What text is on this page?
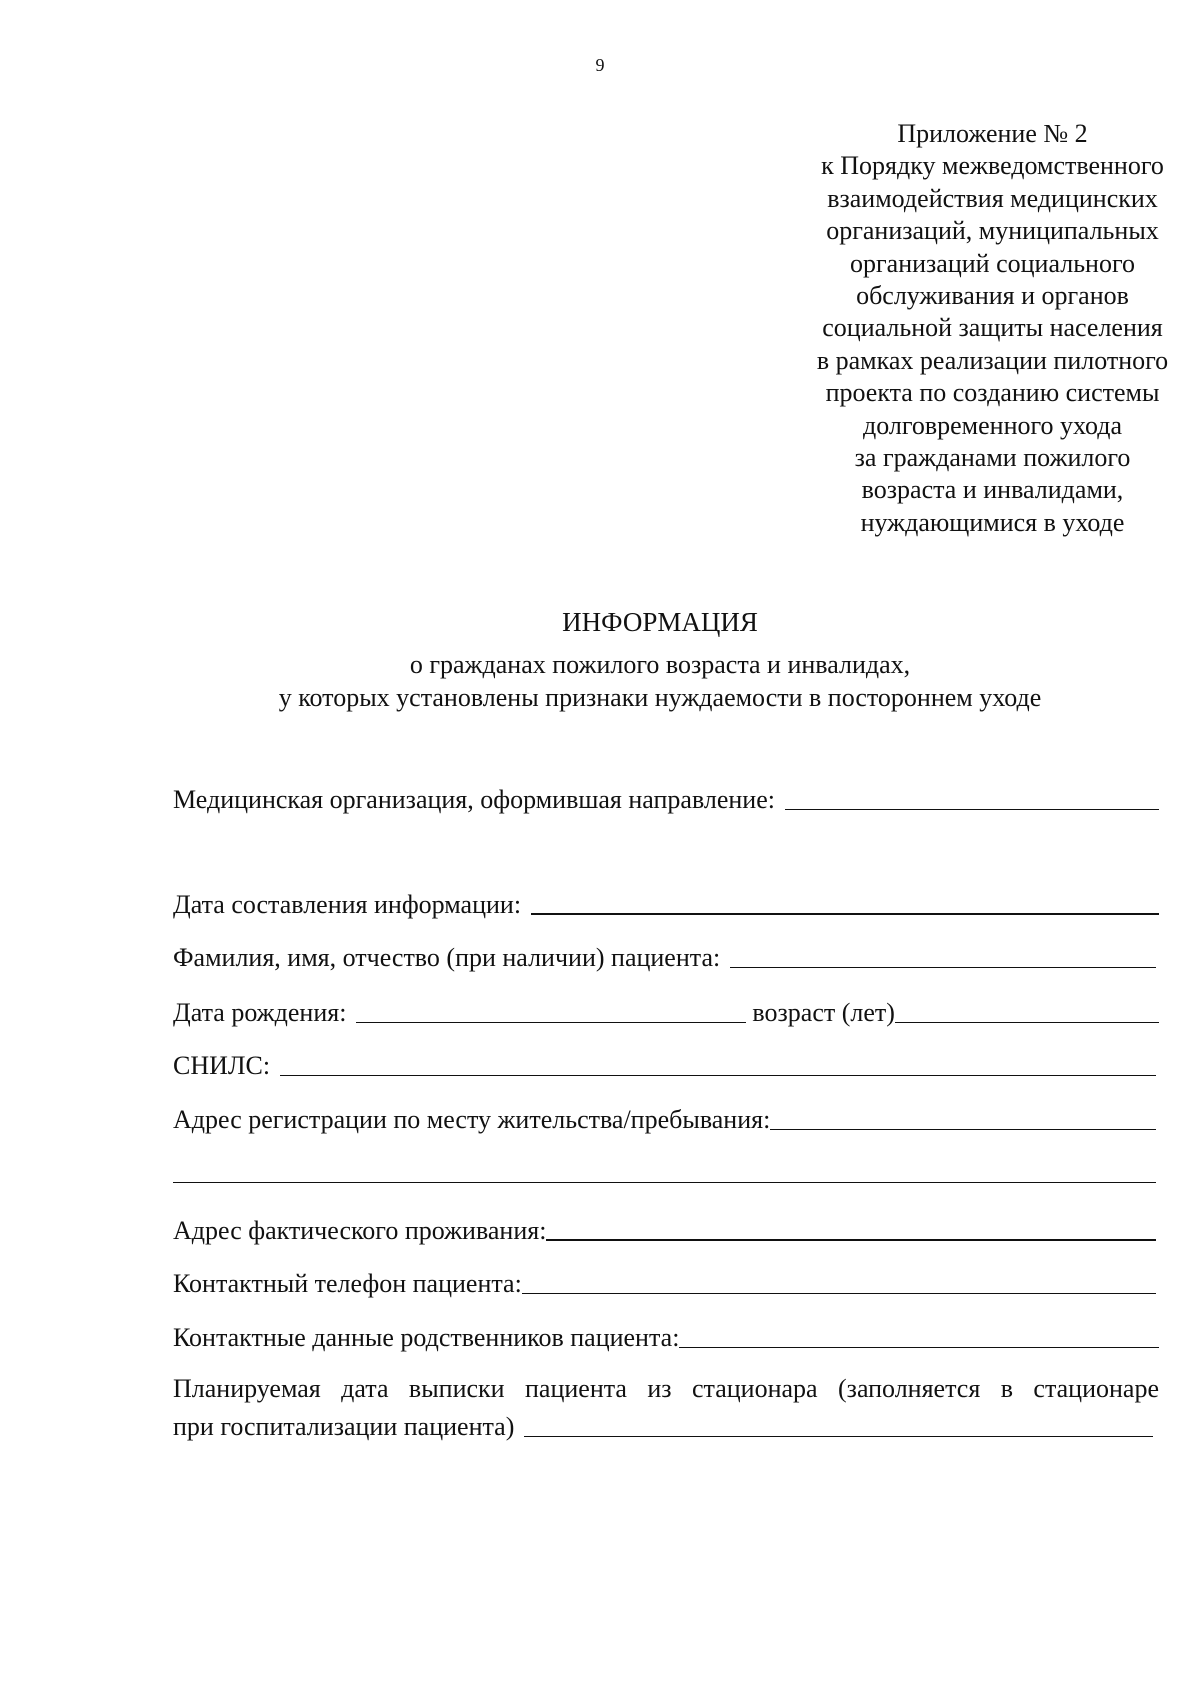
9
Приложение № 2
к Порядку межведомственного
взаимодействия медицинских
организаций, муниципальных
организаций социального
обслуживания и органов
социальной защиты населения
в рамках реализации пилотного
проекта по созданию системы
долговременного ухода
за гражданами пожилого
возраста и инвалидами,
нуждающимися в уходе
ИНФОРМАЦИЯ
о гражданах пожилого возраста и инвалидах,
у которых установлены признаки нуждаемости в постороннем уходе
Медицинская организация, оформившая направление:
Дата составления информации:
Фамилия, имя, отчество (при наличии) пациента:
Дата рождения:	возраст (лет)
СНИЛС:
Адрес регистрации по месту жительства/пребывания:
Адрес фактического проживания:
Контактный телефон пациента:
Контактные данные родственников пациента:
Планируемая дата выписки пациента из стационара (заполняется в стационаре
при госпитализации пациента)
